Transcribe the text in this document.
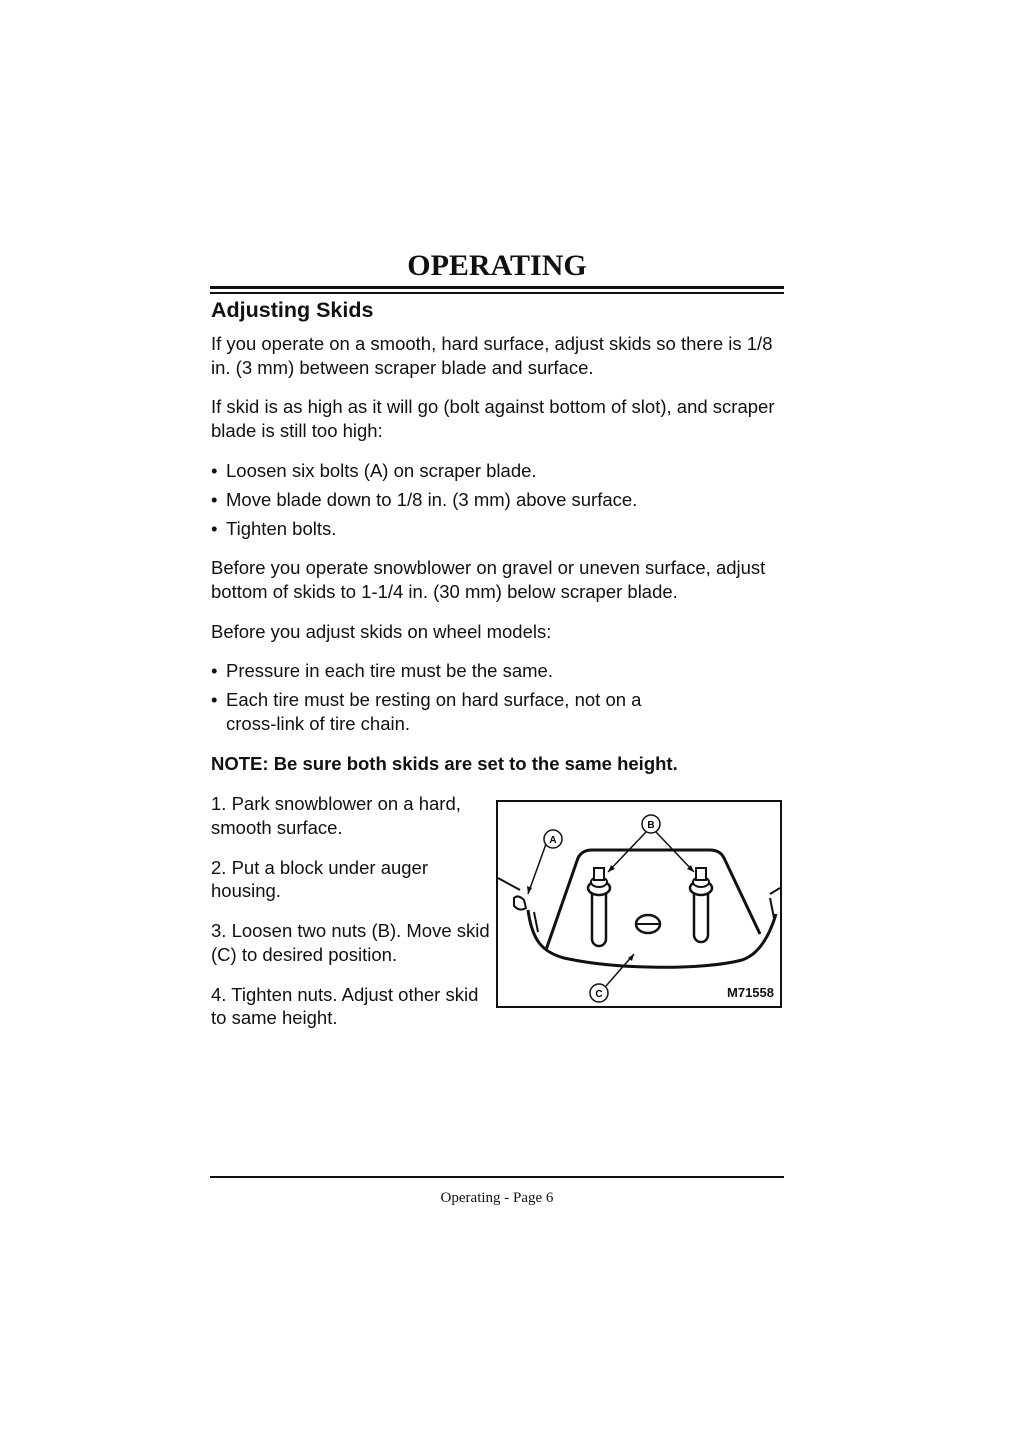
OPERATING
Adjusting Skids

If you operate on a smooth, hard surface, adjust skids so there is 1/8 in. (3 mm) between scraper blade and surface.

If skid is as high as it will go (bolt against bottom of slot), and scraper blade is still too high:

• Loosen six bolts (A) on scraper blade.
• Move blade down to 1/8 in. (3 mm) above surface.
• Tighten bolts.

Before you operate snowblower on gravel or uneven surface, adjust bottom of skids to 1-1/4 in. (30 mm) below scraper blade.

Before you adjust skids on wheel models:

• Pressure in each tire must be the same.
• Each tire must be resting on hard surface, not on a cross-link of tire chain.

NOTE: Be sure both skids are set to the same height.

1. Park snowblower on a hard, smooth surface.
2. Put a block under auger housing.
3. Loosen two nuts (B). Move skid (C) to desired position.
4. Tighten nuts. Adjust other skid to same height.
A
B
C	M71558
Operating - Page 6
